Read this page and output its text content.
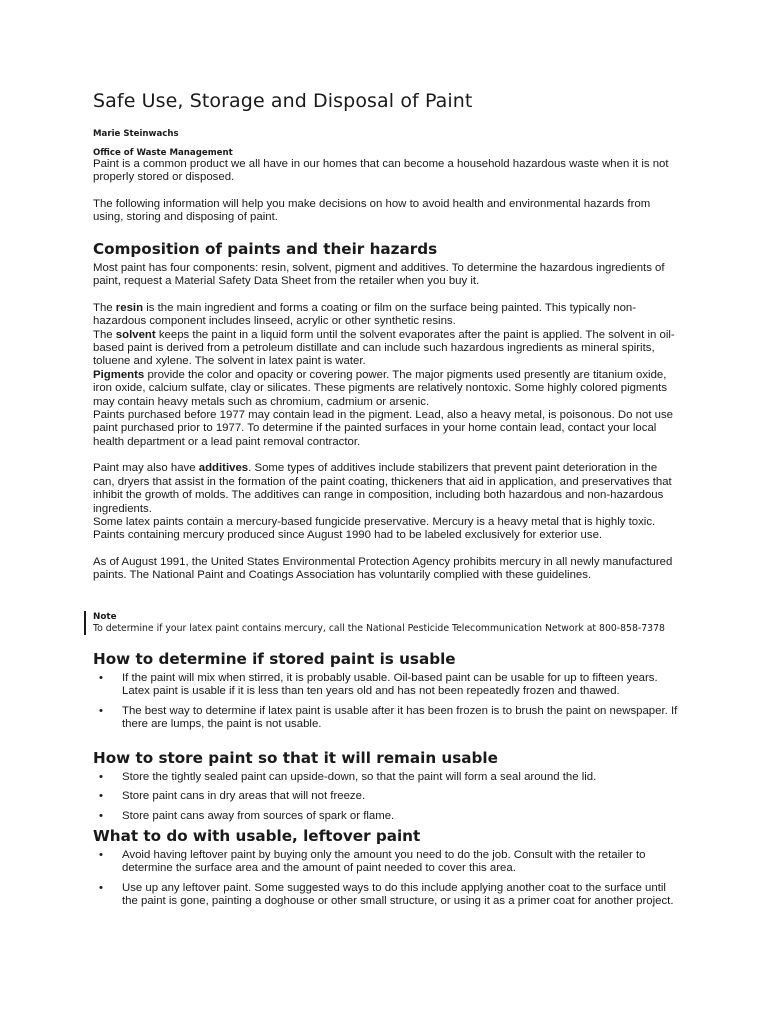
Safe Use, Storage and Disposal of Paint

Marie Steinwachs

Office of Waste Management

Paint is a common product we all have in our homes that can become a household hazardous waste when it is not properly stored or disposed.

The following information will help you make decisions on how to avoid health and environmental hazards from using, storing and disposing of paint.

Composition of paints and their hazards

Most paint has four components: resin, solvent, pigment and additives. To determine the hazardous ingredients of paint, request a Material Safety Data Sheet from the retailer when you buy it.

The resin is the main ingredient and forms a coating or film on the surface being painted. This typically non-hazardous component includes linseed, acrylic or other synthetic resins.

The solvent keeps the paint in a liquid form until the solvent evaporates after the paint is applied. The solvent in oil-based paint is derived from a petroleum distillate and can include such hazardous ingredients as mineral spirits, toluene and xylene. The solvent in latex paint is water.

Pigments provide the color and opacity or covering power. The major pigments used presently are titanium oxide, iron oxide, calcium sulfate, clay or silicates. These pigments are relatively nontoxic. Some highly colored pigments may contain heavy metals such as chromium, cadmium or arsenic.

Paints purchased before 1977 may contain lead in the pigment. Lead, also a heavy metal, is poisonous. Do not use paint purchased prior to 1977. To determine if the painted surfaces in your home contain lead, contact your local health department or a lead paint removal contractor.

Paint may also have additives. Some types of additives include stabilizers that prevent paint deterioration in the can, dryers that assist in the formation of the paint coating, thickeners that aid in application, and preservatives that inhibit the growth of molds. The additives can range in composition, including both hazardous and non-hazardous ingredients.

Some latex paints contain a mercury-based fungicide preservative. Mercury is a heavy metal that is highly toxic. Paints containing mercury produced since August 1990 had to be labeled exclusively for exterior use.

As of August 1991, the United States Environmental Protection Agency prohibits mercury in all newly manufactured paints. The National Paint and Coatings Association has voluntarily complied with these guidelines.

Note

To determine if your latex paint contains mercury, call the National Pesticide Telecommunication Network at 800-858-7378

How to determine if stored paint is usable
• If the paint will mix when stirred, it is probably usable. Oil-based paint can be usable for up to fifteen years. Latex paint is usable if it is less than ten years old and has not been repeatedly frozen and thawed.
• The best way to determine if latex paint is usable after it has been frozen is to brush the paint on newspaper. If there are lumps, the paint is not usable.
How to store paint so that it will remain usable
• Store the tightly sealed paint can upside-down, so that the paint will form a seal around the lid.
• Store paint cans in dry areas that will not freeze.
• Store paint cans away from sources of spark or flame.
What to do with usable, leftover paint
• Avoid having leftover paint by buying only the amount you need to do the job. Consult with the retailer to determine the surface area and the amount of paint needed to cover this area.
• Use up any leftover paint. Some suggested ways to do this include applying another coat to the surface until the paint is gone, painting a doghouse or other small structure, or using it as a primer coat for another project.
